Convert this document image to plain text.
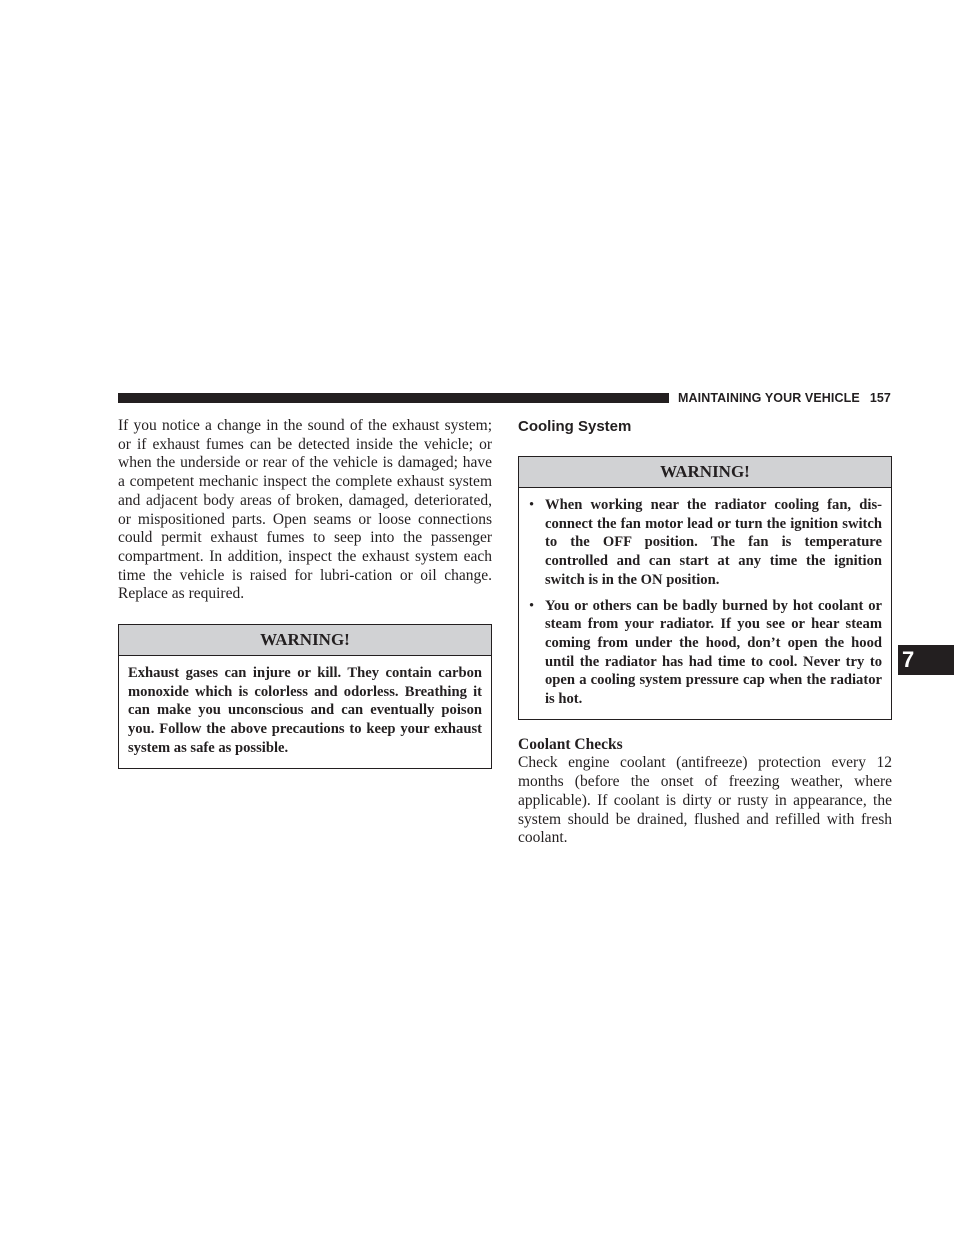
MAINTAINING YOUR VEHICLE 157

If you notice a change in the sound of the exhaust system; or if exhaust fumes can be detected inside the vehicle; or when the underside or rear of the vehicle is damaged; have a competent mechanic inspect the complete exhaust system and adjacent body areas of broken, damaged, deteriorated, or mispositioned parts. Open seams or loose connections could permit exhaust fumes to seep into the passenger compartment. In addition, inspect the exhaust system each time the vehicle is raised for lubri-cation or oil change. Replace as required.

WARNING!
Exhaust gases can injure or kill. They contain carbon monoxide which is colorless and odorless. Breathing it can make you unconscious and can eventually poison you. Follow the above precautions to keep your exhaust system as safe as possible.
Cooling System
WARNING!
• When working near the radiator cooling fan, dis-connect the fan motor lead or turn the ignition switch to the OFF position. The fan is temperature controlled and can start at any time the ignition switch is in the ON position.
• You or others can be badly burned by hot coolant or steam from your radiator. If you see or hear steam coming from under the hood, don’t open the hood until the radiator has had time to cool. Never try to open a cooling system pressure cap when the radiator is hot.
Coolant Checks

Check engine coolant (antifreeze) protection every 12 months (before the onset of freezing weather, where applicable). If coolant is dirty or rusty in appearance, the system should be drained, flushed and refilled with fresh coolant.

7
